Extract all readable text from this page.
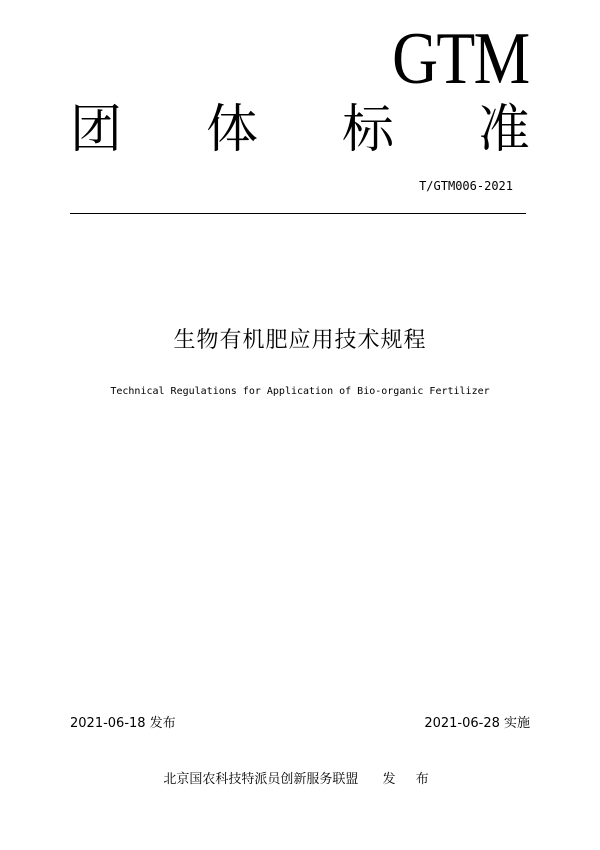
GTM
团 体 标 准
T/GTM006-2021
生物有机肥应用技术规程
Technical Regulations for Application of Bio-organic Fertilizer
2021-06-18 发布	2021-06-28 实施
北京国农科技特派员创新服务联盟 发 布
